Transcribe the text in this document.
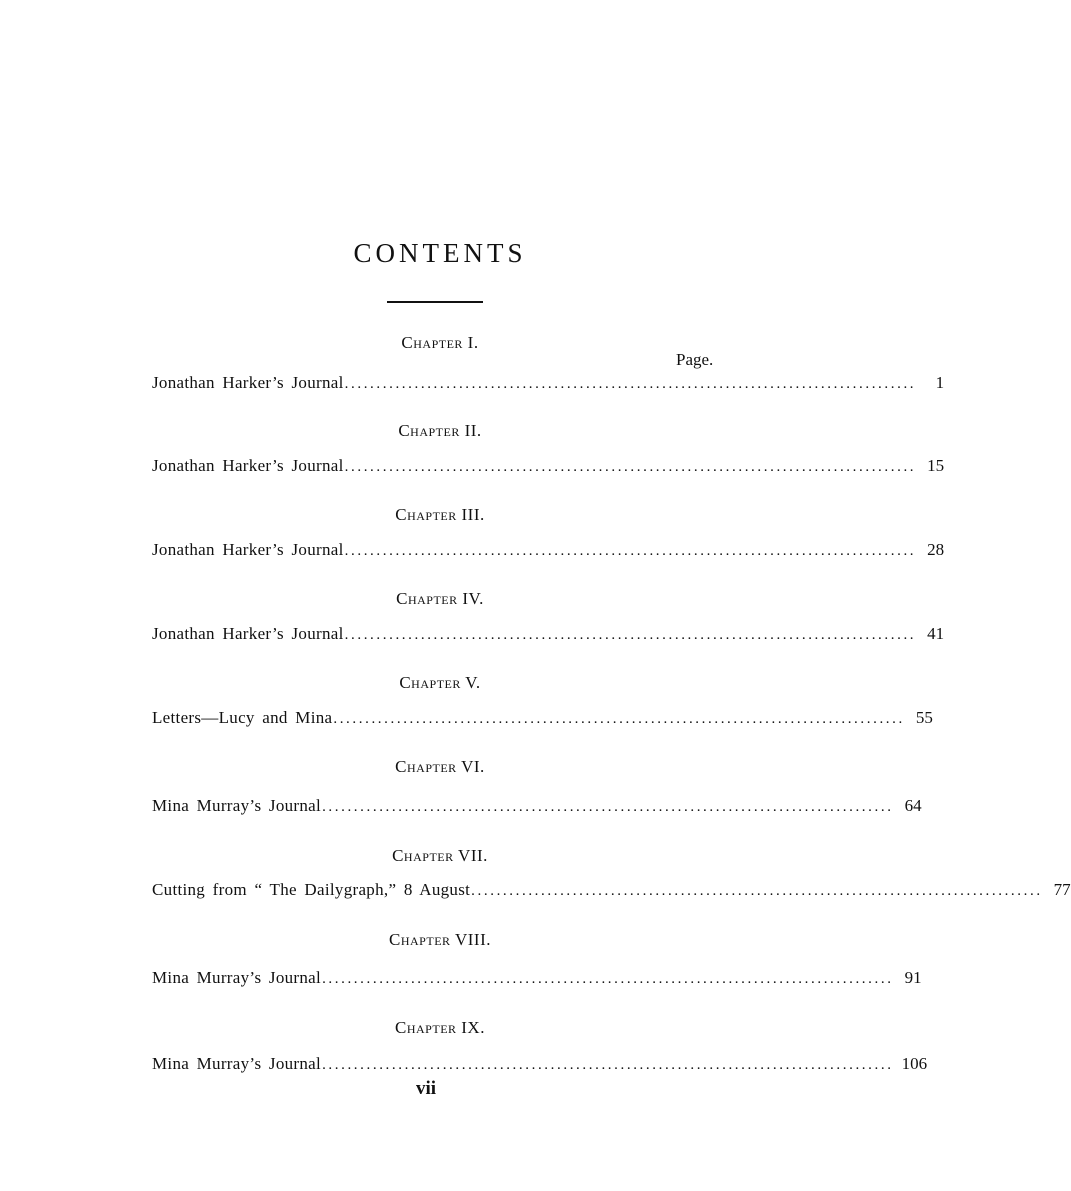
CONTENTS
Chapter I.
Page.
Jonathan Harker’s Journal ..........................................................................................	1
Chapter II.
Jonathan Harker’s Journal .......................................................................................... 15
Chapter III.
Jonathan Harker’s Journal .......................................................................................... 28
Chapter IV.
Jonathan Harker’s Journal .......................................................................................... 41
Chapter V.
Letters—Lucy and Mina .......................................................................................... 55
Chapter VI.
Mina Murray’s Journal .......................................................................................... 64
Chapter VII.
Cutting from “ The Dailygraph,” 8 August .......................................................................................... 77
Chapter VIII.
Mina Murray’s Journal .......................................................................................... 91
Chapter IX.
Mina Murray’s Journal .......................................................................................... 106
vii
